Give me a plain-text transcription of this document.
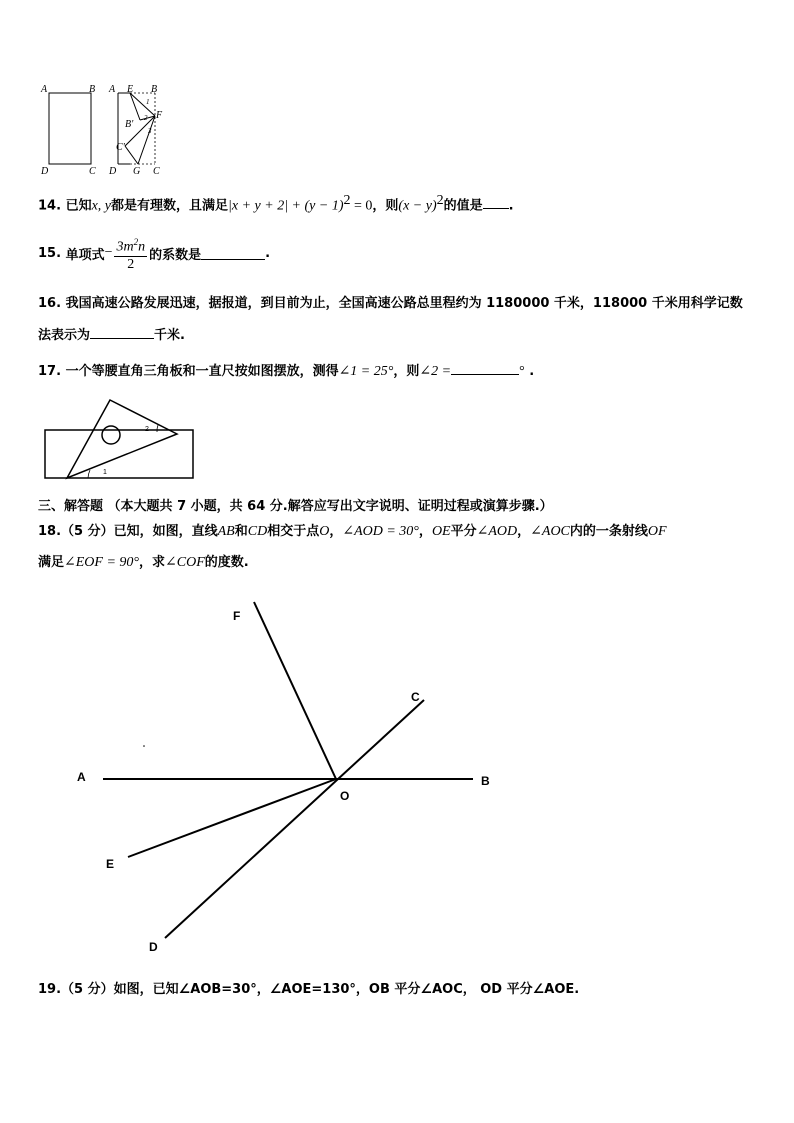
A	B
D	C
A E B
B'
F
C'
D G C
1
2
3
14. 已知x, y都是有理数，且满足$|x + y + 2| + (y - 1)^2 = 0$，则$(x - y)^2$的值是 .
15.
单项式 − $\frac{3m^2n}{2}$ 的系数是	.
16. 我国高速公路发展迅速，据报道，到目前为止，全国高速公路总里程约为 1180000 千米，118000 千米用科学记数
法表示为	千米.
17. 一个等腰直角三角板和一直尺按如图摆放，测得∠1 = 25°，则∠2 =	° .
1
2
三、解答题 （本大题共 7 小题，共 64 分.解答应写出文字说明、证明过程或演算步骤.）
18.（5 分）已知，如图，直线AB和CD相交于点O，∠AOD = 30°，OE平分∠AOD，∠AOC内的一条射线OF
满足∠EOF = 90°，求∠COF的度数.
A	B
C
D
E
F
O
19.（5 分）如图，已知∠AOB=30°，∠AOE=130°，OB 平分∠AOC， OD 平分∠AOE.
